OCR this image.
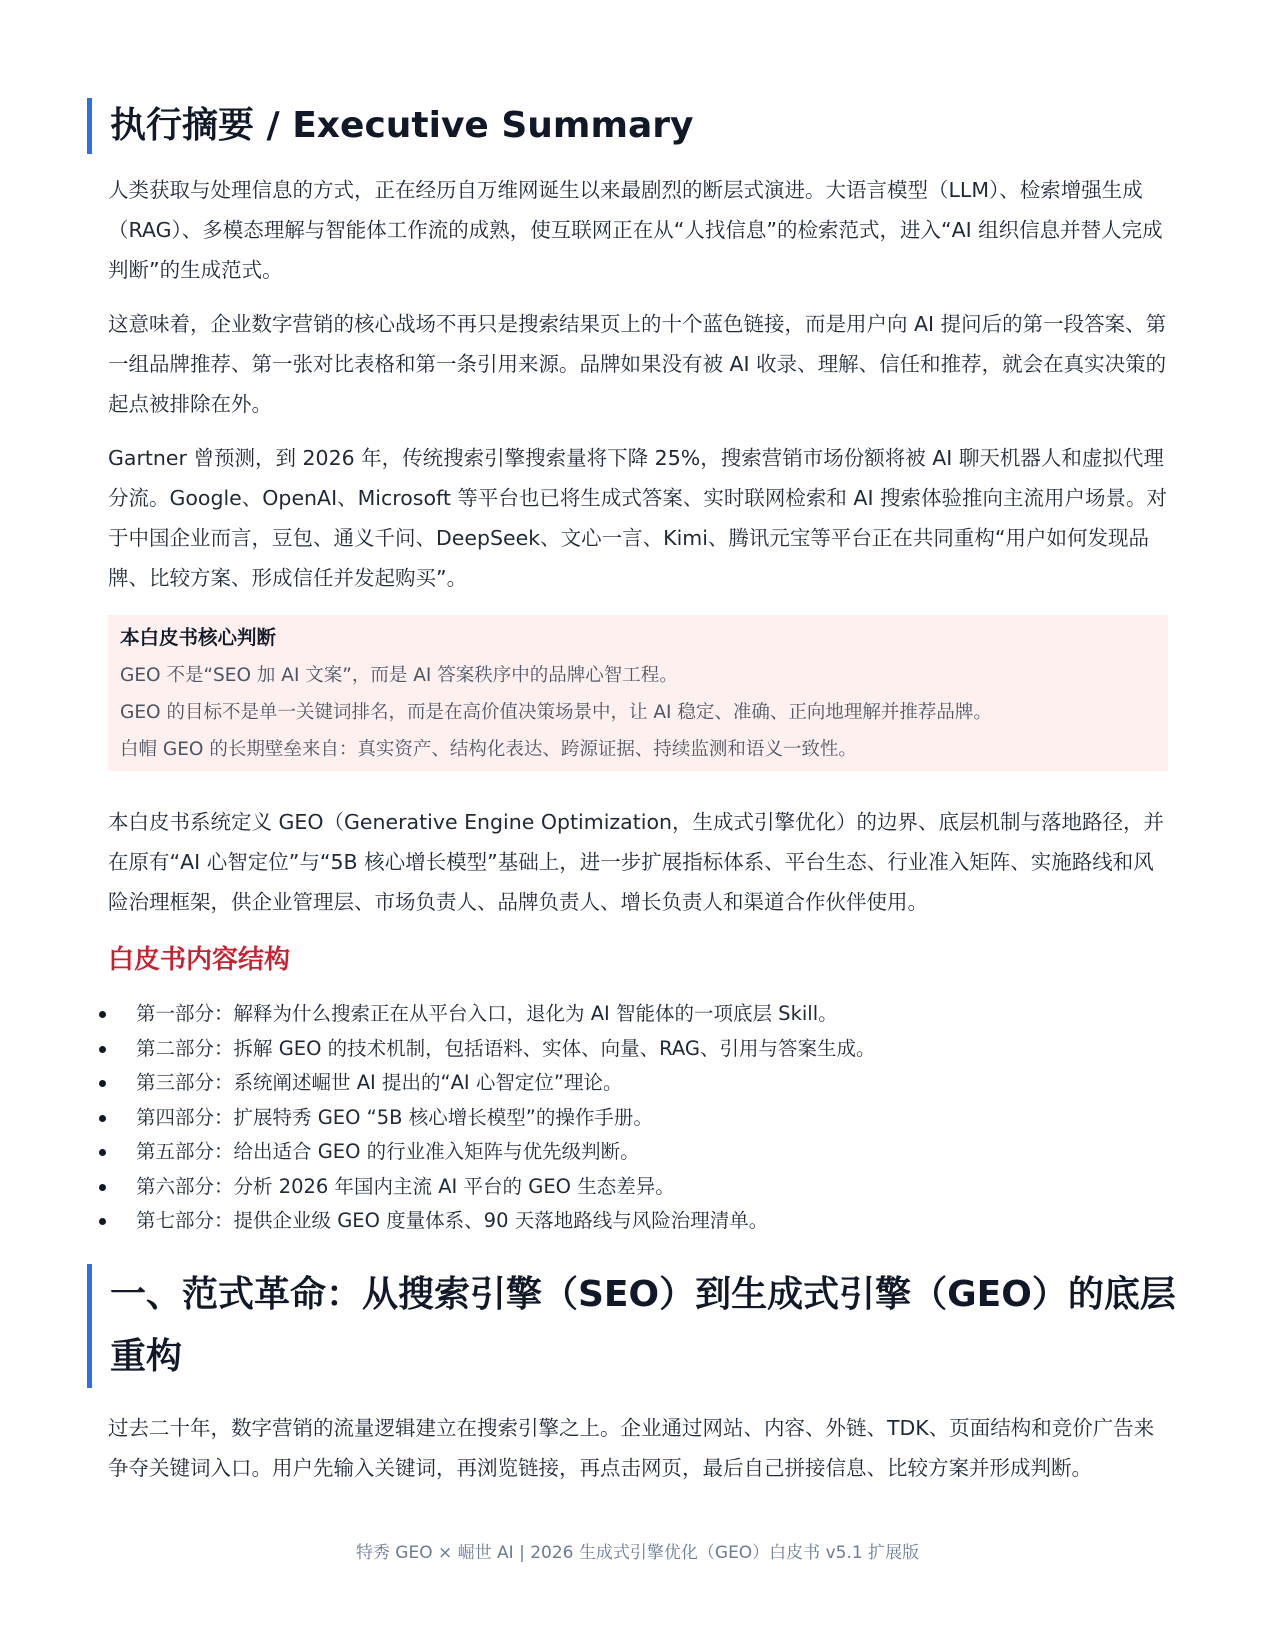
执行摘要 / Executive Summary

人类获取与处理信息的方式，正在经历自万维网诞生以来最剧烈的断层式演进。大语言模型（LLM）、检索增强生成（RAG）、多模态理解与智能体工作流的成熟，使互联网正在从“人找信息”的检索范式，进入“AI 组织信息并替人完成判断”的生成范式。

这意味着，企业数字营销的核心战场不再只是搜索结果页上的十个蓝色链接，而是用户向 AI 提问后的第一段答案、第一组品牌推荐、第一张对比表格和第一条引用来源。品牌如果没有被 AI 收录、理解、信任和推荐，就会在真实决策的起点被排除在外。

Gartner 曾预测，到 2026 年，传统搜索引擎搜索量将下降 25%，搜索营销市场份额将被 AI 聊天机器人和虚拟代理分流。Google、OpenAI、Microsoft 等平台也已将生成式答案、实时联网检索和 AI 搜索体验推向主流用户场景。对于中国企业而言，豆包、通义千问、DeepSeek、文心一言、Kimi、腾讯元宝等平台正在共同重构“用户如何发现品牌、比较方案、形成信任并发起购买”。

本白皮书核心判断

GEO 不是“SEO 加 AI 文案”，而是 AI 答案秩序中的品牌心智工程。

GEO 的目标不是单一关键词排名，而是在高价值决策场景中，让 AI 稳定、准确、正向地理解并推荐品牌。

白帽 GEO 的长期壁垒来自：真实资产、结构化表达、跨源证据、持续监测和语义一致性。

本白皮书系统定义 GEO（Generative Engine Optimization，生成式引擎优化）的边界、底层机制与落地路径，并在原有“AI 心智定位”与“5B 核心增长模型”基础上，进一步扩展指标体系、平台生态、行业准入矩阵、实施路线和风险治理框架，供企业管理层、市场负责人、品牌负责人、增长负责人和渠道合作伙伴使用。

白皮书内容结构
第一部分：解释为什么搜索正在从平台入口，退化为 AI 智能体的一项底层 Skill。
第二部分：拆解 GEO 的技术机制，包括语料、实体、向量、RAG、引用与答案生成。
第三部分：系统阐述崛世 AI 提出的“AI 心智定位”理论。
第四部分：扩展特秀 GEO “5B 核心增长模型”的操作手册。
第五部分：给出适合 GEO 的行业准入矩阵与优先级判断。
第六部分：分析 2026 年国内主流 AI 平台的 GEO 生态差异。
第七部分：提供企业级 GEO 度量体系、90 天落地路线与风险治理清单。
一、范式革命：从搜索引擎（SEO）到生成式引擎（GEO）的底层重构

过去二十年，数字营销的流量逻辑建立在搜索引擎之上。企业通过网站、内容、外链、TDK、页面结构和竞价广告来争夺关键词入口。用户先输入关键词，再浏览链接，再点击网页，最后自己拼接信息、比较方案并形成判断。

特秀 GEO × 崛世 AI | 2026 生成式引擎优化（GEO）白皮书 v5.1 扩展版
